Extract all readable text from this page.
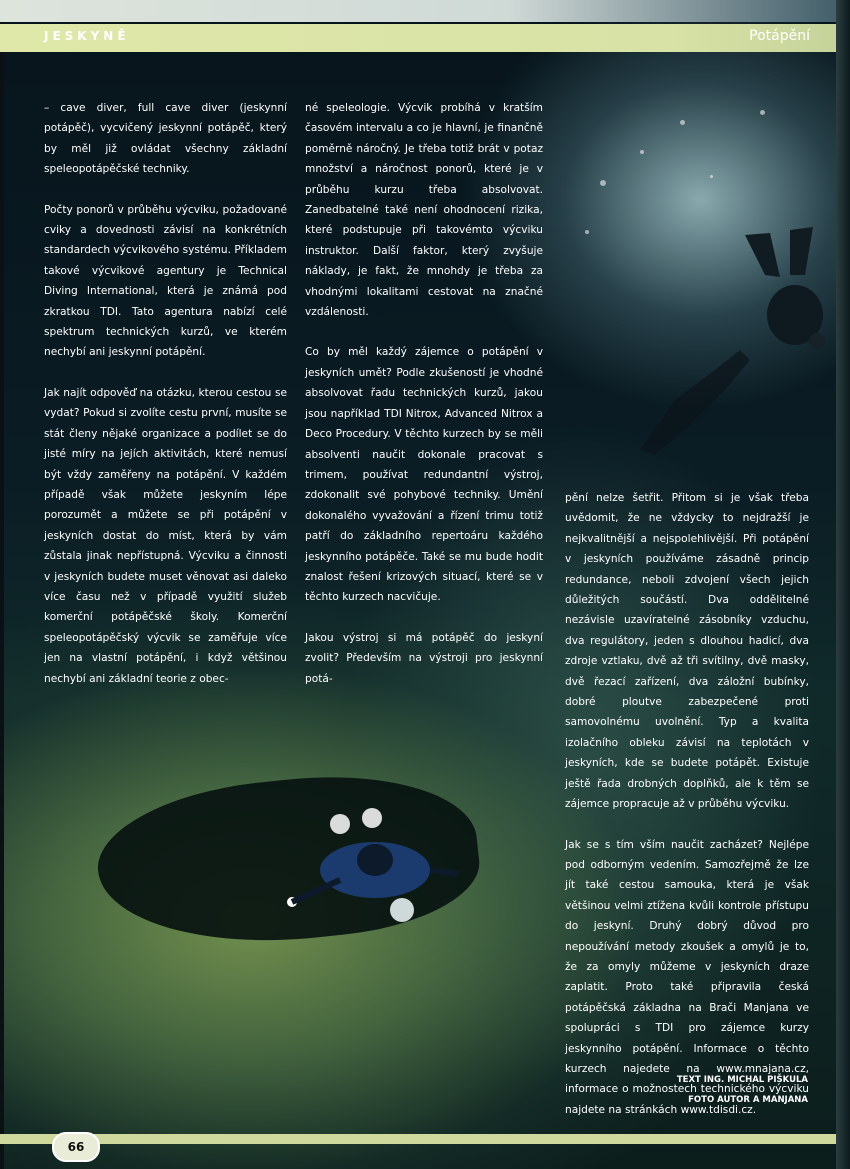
JESKYNĚ	Potápění

– cave diver, full cave diver (jeskynní potápěč), vycvičený jeskynní potápěč, který by měl již ovládat všechny základní speleopotápěčské techniky.

Počty ponorů v průběhu výcviku, požadované cviky a dovednosti závisí na konkrétních standardech výcvikového systému. Příkladem takové výcvikové agentury je Technical Diving International, která je známá pod zkratkou TDI. Tato agentura nabízí celé spektrum technických kurzů, ve kterém nechybí ani jeskynní potápění.

Jak najít odpověď na otázku, kterou cestou se vydat? Pokud si zvolíte cestu první, musíte se stát členy nějaké organizace a podílet se do jisté míry na jejích aktivitách, které nemusí být vždy zaměřeny na potápění. V každém případě však můžete jeskyním lépe porozumět a můžete se při potápění v jeskyních dostat do míst, která by vám zůstala jinak nepřístupná. Výcviku a činnosti v jeskyních budete muset věnovat asi daleko více času než v případě využití služeb komerční potápěčské školy. Komerční speleopotápěčský výcvik se zaměřuje více jen na vlastní potápění, i když většinou nechybí ani základní teorie z obec-

né speleologie. Výcvik probíhá v kratším časovém intervalu a co je hlavní, je finančně poměrně náročný. Je třeba totiž brát v potaz množství a náročnost ponorů, které je v průběhu kurzu třeba absolvovat. Zanedbatelné také není ohodnocení rizika, které podstupuje při takovémto výcviku instruktor. Další faktor, který zvyšuje náklady, je fakt, že mnohdy je třeba za vhodnými lokalitami cestovat na značné vzdálenosti.

Co by měl každý zájemce o potápění v jeskyních umět? Podle zkušeností je vhodné absolvovat řadu technických kurzů, jakou jsou například TDI Nitrox, Advanced Nitrox a Deco Procedury. V těchto kurzech by se měli absolventi naučit dokonale pracovat s trimem, používat redundantní výstroj, zdokonalit své pohybové techniky. Umění dokonalého vyvažování a řízení trimu totiž patří do základního repertoáru každého jeskynního potápěče. Také se mu bude hodit znalost řešení krizových situací, které se v těchto kurzech nacvičuje.

Jakou výstroj si má potápěč do jeskyní zvolit? Především na výstroji pro jeskynní potá-

pění nelze šetřit. Přitom si je však třeba uvědomit, že ne vždycky to nejdražší je nejkvalitnější a nejspolehlivější. Při potápění v jeskyních používáme zásadně princip redundance, neboli zdvojení všech jejich důležitých součástí. Dva oddělitelné nezávisle uzavíratelné zásobníky vzduchu, dva regulátory, jeden s dlouhou hadicí, dva zdroje vztlaku, dvě až tři svítilny, dvě masky, dvě řezací zařízení, dva záložní bubínky, dobré ploutve zabezpečené proti samovolnému uvolnění. Typ a kvalita izolačního obleku závisí na teplotách v jeskyních, kde se budete potápět. Existuje ještě řada drobných doplňků, ale k těm se zájemce propracuje až v průběhu výcviku.

Jak se s tím vším naučit zacházet? Nejlépe pod odborným vedením. Samozřejmě že lze jít také cestou samouka, která je však většinou velmi ztížena kvůli kontrole přístupu do jeskyní. Druhý dobrý důvod pro nepoužívání metody zkoušek a omylů je to, že za omyly můžeme v jeskyních draze zaplatit. Proto také připravila česká potápěčská základna na Brači Manjana ve spolupráci s TDI pro zájemce kurzy jeskynního potápění. Informace o těchto kurzech najedete na www.mnajana.cz, informace o možnostech technického výcviku najdete na stránkách www.tdisdi.cz.

TEXT ING. MICHAL PIŠKULA
FOTO AUTOR A MANJANA
66
